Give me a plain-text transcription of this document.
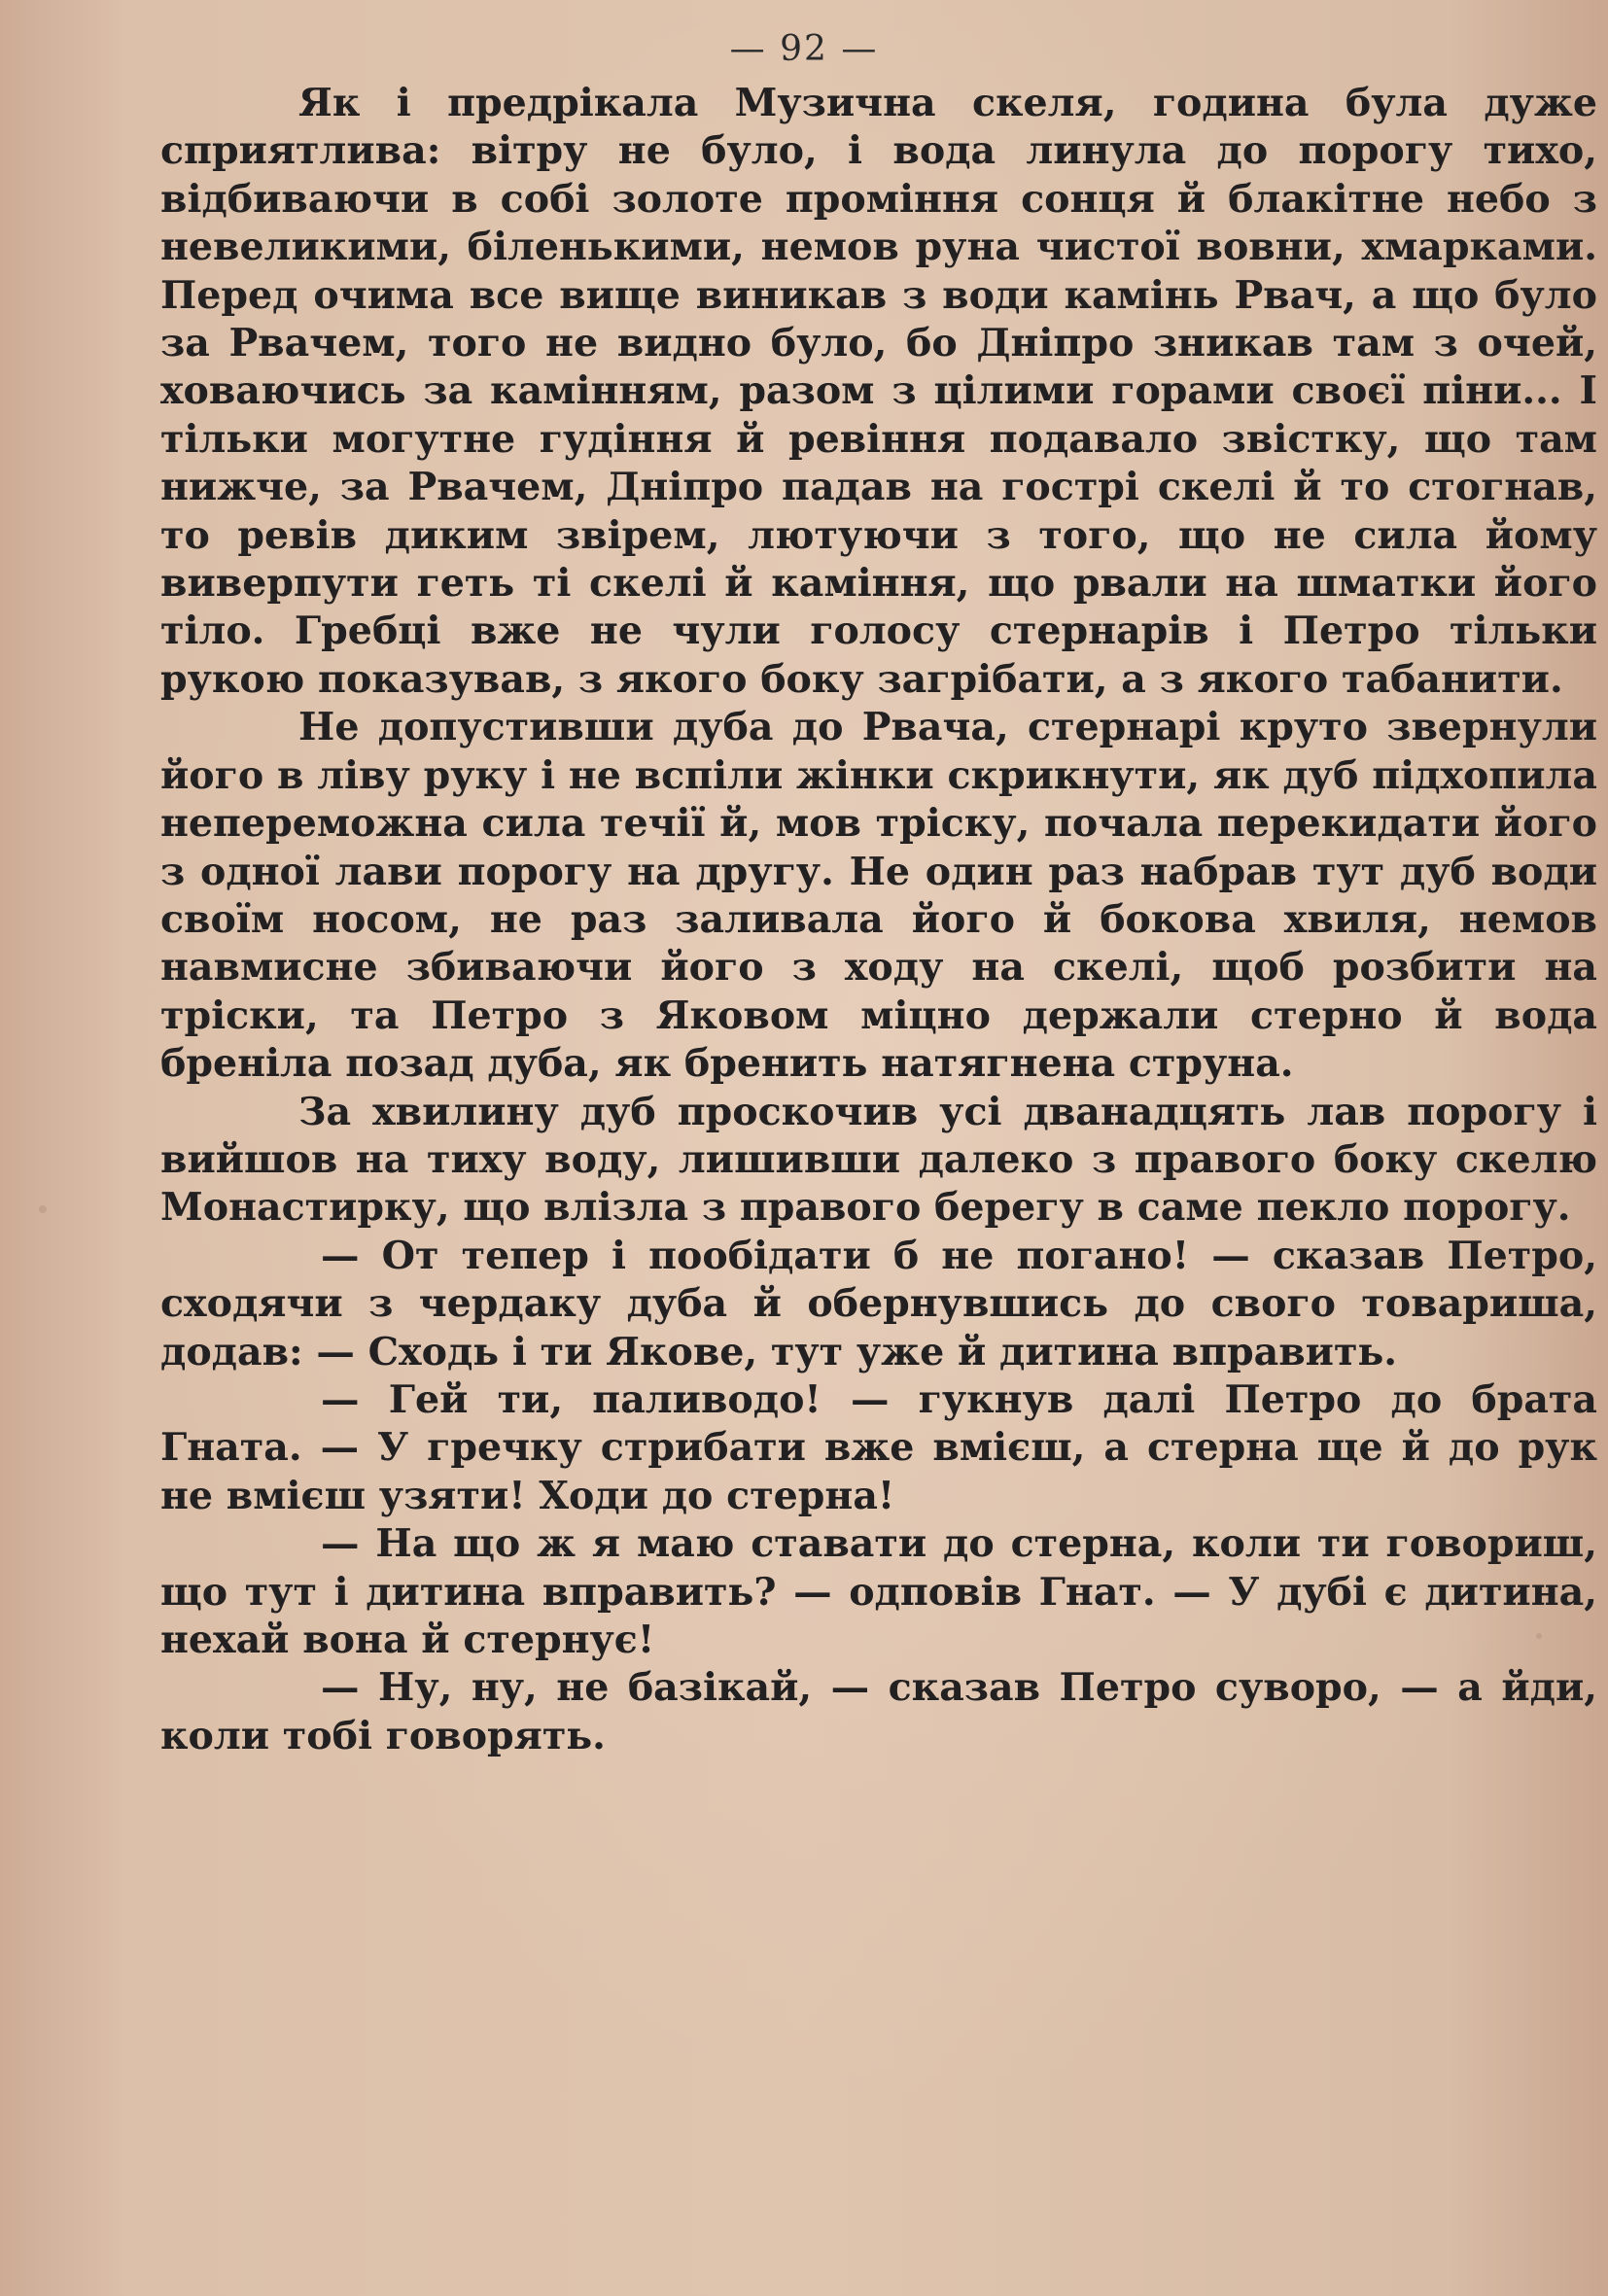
— 92 —

Як і предрікала Музична скеля, година була дуже сприятлива: вітру не було, і вода линула до порогу тихо, відбиваючи в собі золоте проміння сонця й блакітне небо з невеликими, біленькими, немов руна чистої вовни, хмарками. Перед очима все вище виникав з води камінь Рвач, а що було за Рвачем, того не видно було, бо Дніпро зникав там з очей, ховаючись за камінням, разом з цілими горами своєї піни... І тільки могутне гудіння й ревіння подавало звістку, що там нижче, за Рвачем, Дніпро падав на гострі скелі й то стогнав, то ревів диким звірем, лютуючи з того, що не сила йому виверпути геть ті скелі й каміння, що рвали на шматки його тіло. Гребці вже не чули голосу стернарів і Петро тільки рукою показував, з якого боку загрібати, а з якого табанити.

Не допустивши дуба до Рвача, стернарі круто звернули його в ліву руку і не вспіли жінки скрикнути, як дуб підхопила непереможна сила течії й, мов тріску, почала перекидати його з одної лави порогу на другу. Не один раз набрав тут дуб води своїм носом, не раз заливала його й бокова хвиля, немов навмисне збиваючи його з ходу на скелі, щоб розбити на тріски, та Петро з Яковом міцно держали стерно й вода бреніла позад дуба, як бренить натягнена струна.

За хвилину дуб проскочив усі дванадцять лав порогу і вийшов на тиху воду, лишивши далеко з правого боку скелю Монастирку, що влізла з правого берегу в саме пекло порогу.

— От тепер і пообідати б не погано! — сказав Петро, сходячи з чердаку дуба й обернувшись до свого товариша, додав: — Сходь і ти Якове, тут уже й дитина вправить.

— Гей ти, паливодо! — гукнув далі Петро до брата Гната. — У гречку стрибати вже вмієш, а стерна ще й до рук не вмієш узяти! Ходи до стерна!

— На що ж я маю ставати до стерна, коли ти говориш, що тут і дитина вправить? — одповів Гнат. — У дубі є дитина, нехай вона й стернує!

— Ну, ну, не базікай, — сказав Петро суворо, — а йди, коли тобі говорять.
